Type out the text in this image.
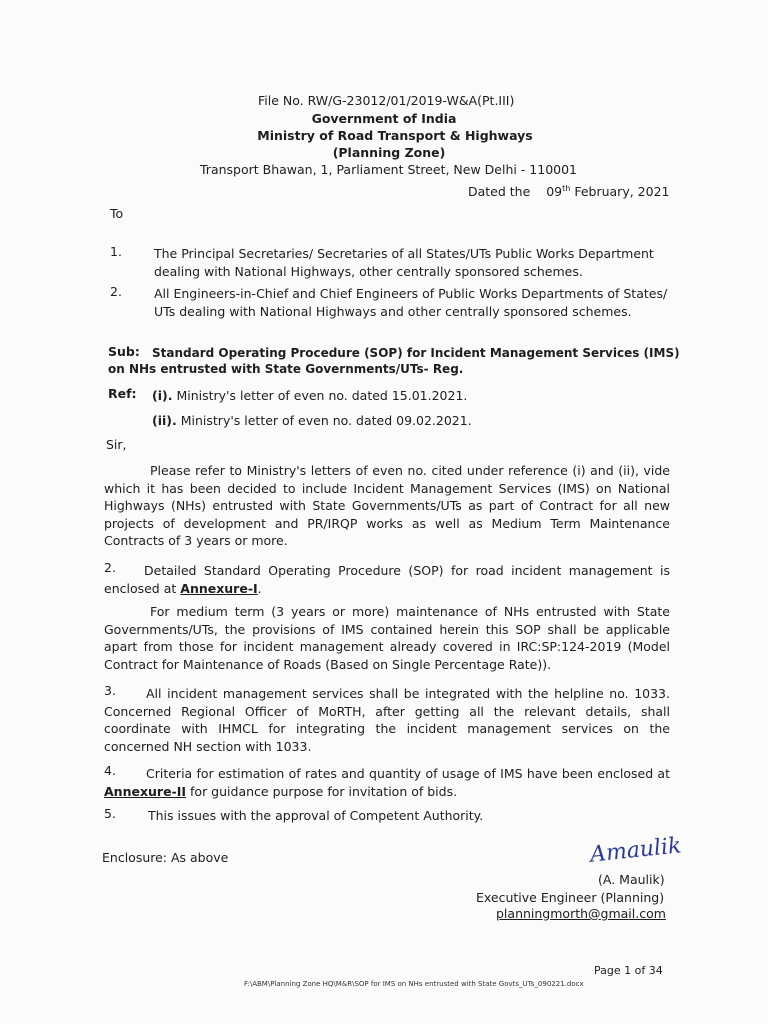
File No. RW/G-23012/01/2019-W&A(Pt.III)
Government of India
Ministry of Road Transport & Highways
(Planning Zone)
Transport Bhawan, 1, Parliament Street, New Delhi - 110001
Dated the 09th February, 2021
To
1.	The Principal Secretaries/ Secretaries of all States/UTs Public Works Department dealing with National Highways, other centrally sponsored schemes.
2.	All Engineers-in-Chief and Chief Engineers of Public Works Departments of States/ UTs dealing with National Highways and other centrally sponsored schemes.
Sub: Standard Operating Procedure (SOP) for Incident Management Services (IMS)
on NHs entrusted with State Governments/UTs- Reg.
Ref: (i). Ministry's letter of even no. dated 15.01.2021.
(ii). Ministry's letter of even no. dated 09.02.2021.
Sir,
Please refer to Ministry's letters of even no. cited under reference (i) and (ii), vide which it has been decided to include Incident Management Services (IMS) on National Highways (NHs) entrusted with State Governments/UTs as part of Contract for all new projects of development and PR/IRQP works as well as Medium Term Maintenance Contracts of 3 years or more.
2.	Detailed Standard Operating Procedure (SOP) for road incident management is enclosed at Annexure-I.
For medium term (3 years or more) maintenance of NHs entrusted with State Governments/UTs, the provisions of IMS contained herein this SOP shall be applicable apart from those for incident management already covered in IRC:SP:124-2019 (Model Contract for Maintenance of Roads (Based on Single Percentage Rate)).
3.	All incident management services shall be integrated with the helpline no. 1033. Concerned Regional Officer of MoRTH, after getting all the relevant details, shall coordinate with IHMCL for integrating the incident management services on the concerned NH section with 1033.
4.	Criteria for estimation of rates and quantity of usage of IMS have been enclosed at Annexure-II for guidance purpose for invitation of bids.
5.	This issues with the approval of Competent Authority.
Enclosure: As above	Amaulik
(A. Maulik)
Executive Engineer (Planning)
planningmorth@gmail.com
Page 1 of 34
F:\ABM\Planning Zone HQ\M&R\SOP for IMS on NHs entrusted with State Govts_UTs_090221.docx
